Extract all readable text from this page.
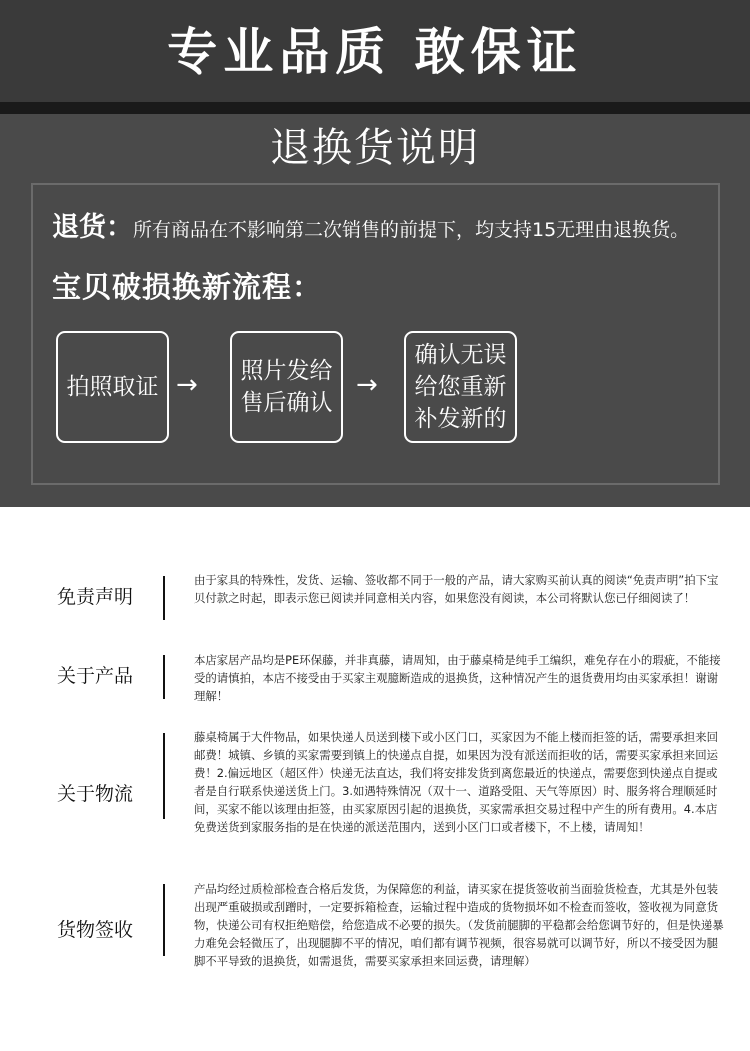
专业品质 敢保证
退换货说明
退货：所有商品在不影响第二次销售的前提下，均支持15无理由退换货。
宝贝破损换新流程：
拍照取证 →	照片发给售后确认
→
确认无误给您重新补发新的
免责声明
由于家具的特殊性，发货、运输、签收都不同于一般的产品，请大家购买前认真的阅读“免责声明”拍下宝贝付款之时起，即表示您已阅读并同意相关内容，如果您没有阅读，本公司将默认您已仔细阅读了！
关于产品
本店家居产品均是PE环保藤，并非真藤，请周知，由于藤桌椅是纯手工编织，难免存在小的瑕疵，不能接受的请慎拍，本店不接受由于买家主观臆断造成的退换货，这种情况产生的退货费用均由买家承担！谢谢理解！
关于物流
藤桌椅属于大件物品，如果快递人员送到楼下或小区门口，买家因为不能上楼而拒签的话，需要承担来回邮费！城镇、乡镇的买家需要到镇上的快递点自提，如果因为没有派送而拒收的话，需要买家承担来回运费！2.偏远地区（超区件）快递无法直达，我们将安排发货到离您最近的快递点，需要您到快递点自提或者是自行联系快递送货上门。3.如遇特殊情况（双十一、道路受阻、天气等原因）时、服务将合理顺延时间，买家不能以该理由拒签，由买家原因引起的退换货，买家需承担交易过程中产生的所有费用。4.本店免费送货到家服务指的是在快递的派送范围内，送到小区门口或者楼下，不上楼，请周知！
货物签收
产品均经过质检部检查合格后发货，为保障您的利益，请买家在提货签收前当面验货检查，尤其是外包装出现严重破损或刮蹭时，一定要拆箱检查，运输过程中造成的货物损坏如不检查而签收，签收视为同意货物，快递公司有权拒绝赔偿，给您造成不必要的损失。（发货前腿脚的平稳都会给您调节好的，但是快递暴力难免会轻微压了，出现腿脚不平的情况，咱们都有调节视频，很容易就可以调节好，所以不接受因为腿脚不平导致的退换货，如需退货，需要买家承担来回运费，请理解）
